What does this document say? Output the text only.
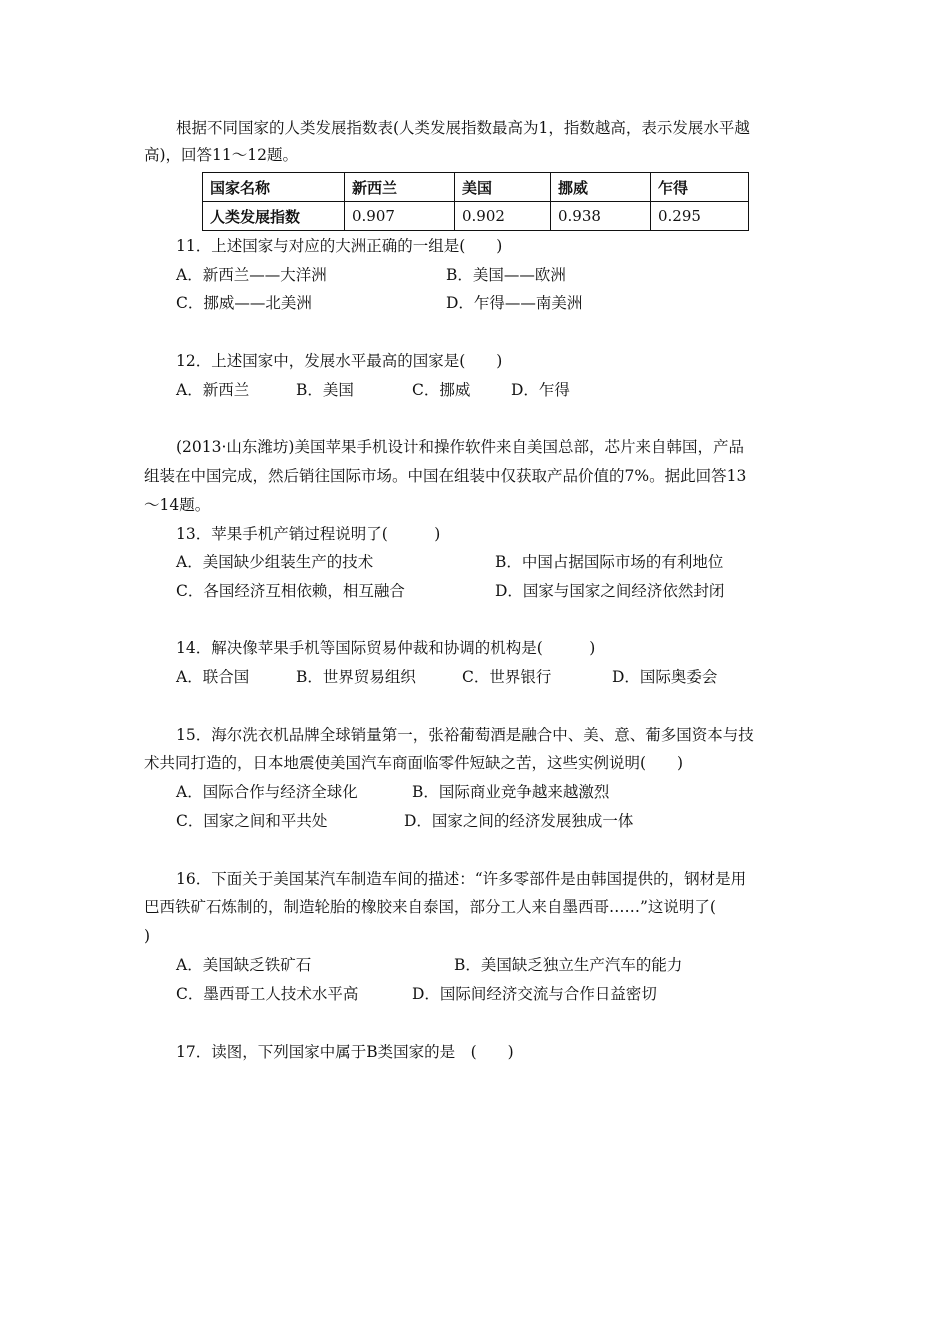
根据不同国家的人类发展指数表(人类发展指数最高为1，指数越高，表示发展水平越
高)，回答11～12题。
国家名称	新西兰	美国	挪威	乍得
人类发展指数	0.907	0.902	0.938	0.295
11．上述国家与对应的大洲正确的一组是(　　)
A．新西兰——大洋洲	B．美国——欧洲
C．挪威——北美洲	D．乍得——南美洲
12．上述国家中，发展水平最高的国家是(　　)
A．新西兰	B．美国	C．挪威	D．乍得
(2013·山东潍坊)美国苹果手机设计和操作软件来自美国总部，芯片来自韩国，产品
组装在中国完成，然后销往国际市场。中国在组装中仅获取产品价值的7%。据此回答13
～14题。
13．苹果手机产销过程说明了(　　　)
A．美国缺少组装生产的技术	B．中国占据国际市场的有利地位
C．各国经济互相依赖，相互融合	D．国家与国家之间经济依然封闭
14．解决像苹果手机等国际贸易仲裁和协调的机构是(　　　)
A．联合国	B．世界贸易组织	C．世界银行	D．国际奥委会
15．海尔洗衣机品牌全球销量第一，张裕葡萄酒是融合中、美、意、葡多国资本与技
术共同打造的，日本地震使美国汽车商面临零件短缺之苦，这些实例说明(　　)
A．国际合作与经济全球化	B．国际商业竞争越来越激烈
C．国家之间和平共处	D．国家之间的经济发展独成一体
16．下面关于美国某汽车制造车间的描述：“许多零部件是由韩国提供的，钢材是用
巴西铁矿石炼制的，制造轮胎的橡胶来自泰国，部分工人来自墨西哥……”这说明了(
)
A．美国缺乏铁矿石	B．美国缺乏独立生产汽车的能力
C．墨西哥工人技术水平高	D．国际间经济交流与合作日益密切
17．读图，下列国家中属于B类国家的是　(　　)
